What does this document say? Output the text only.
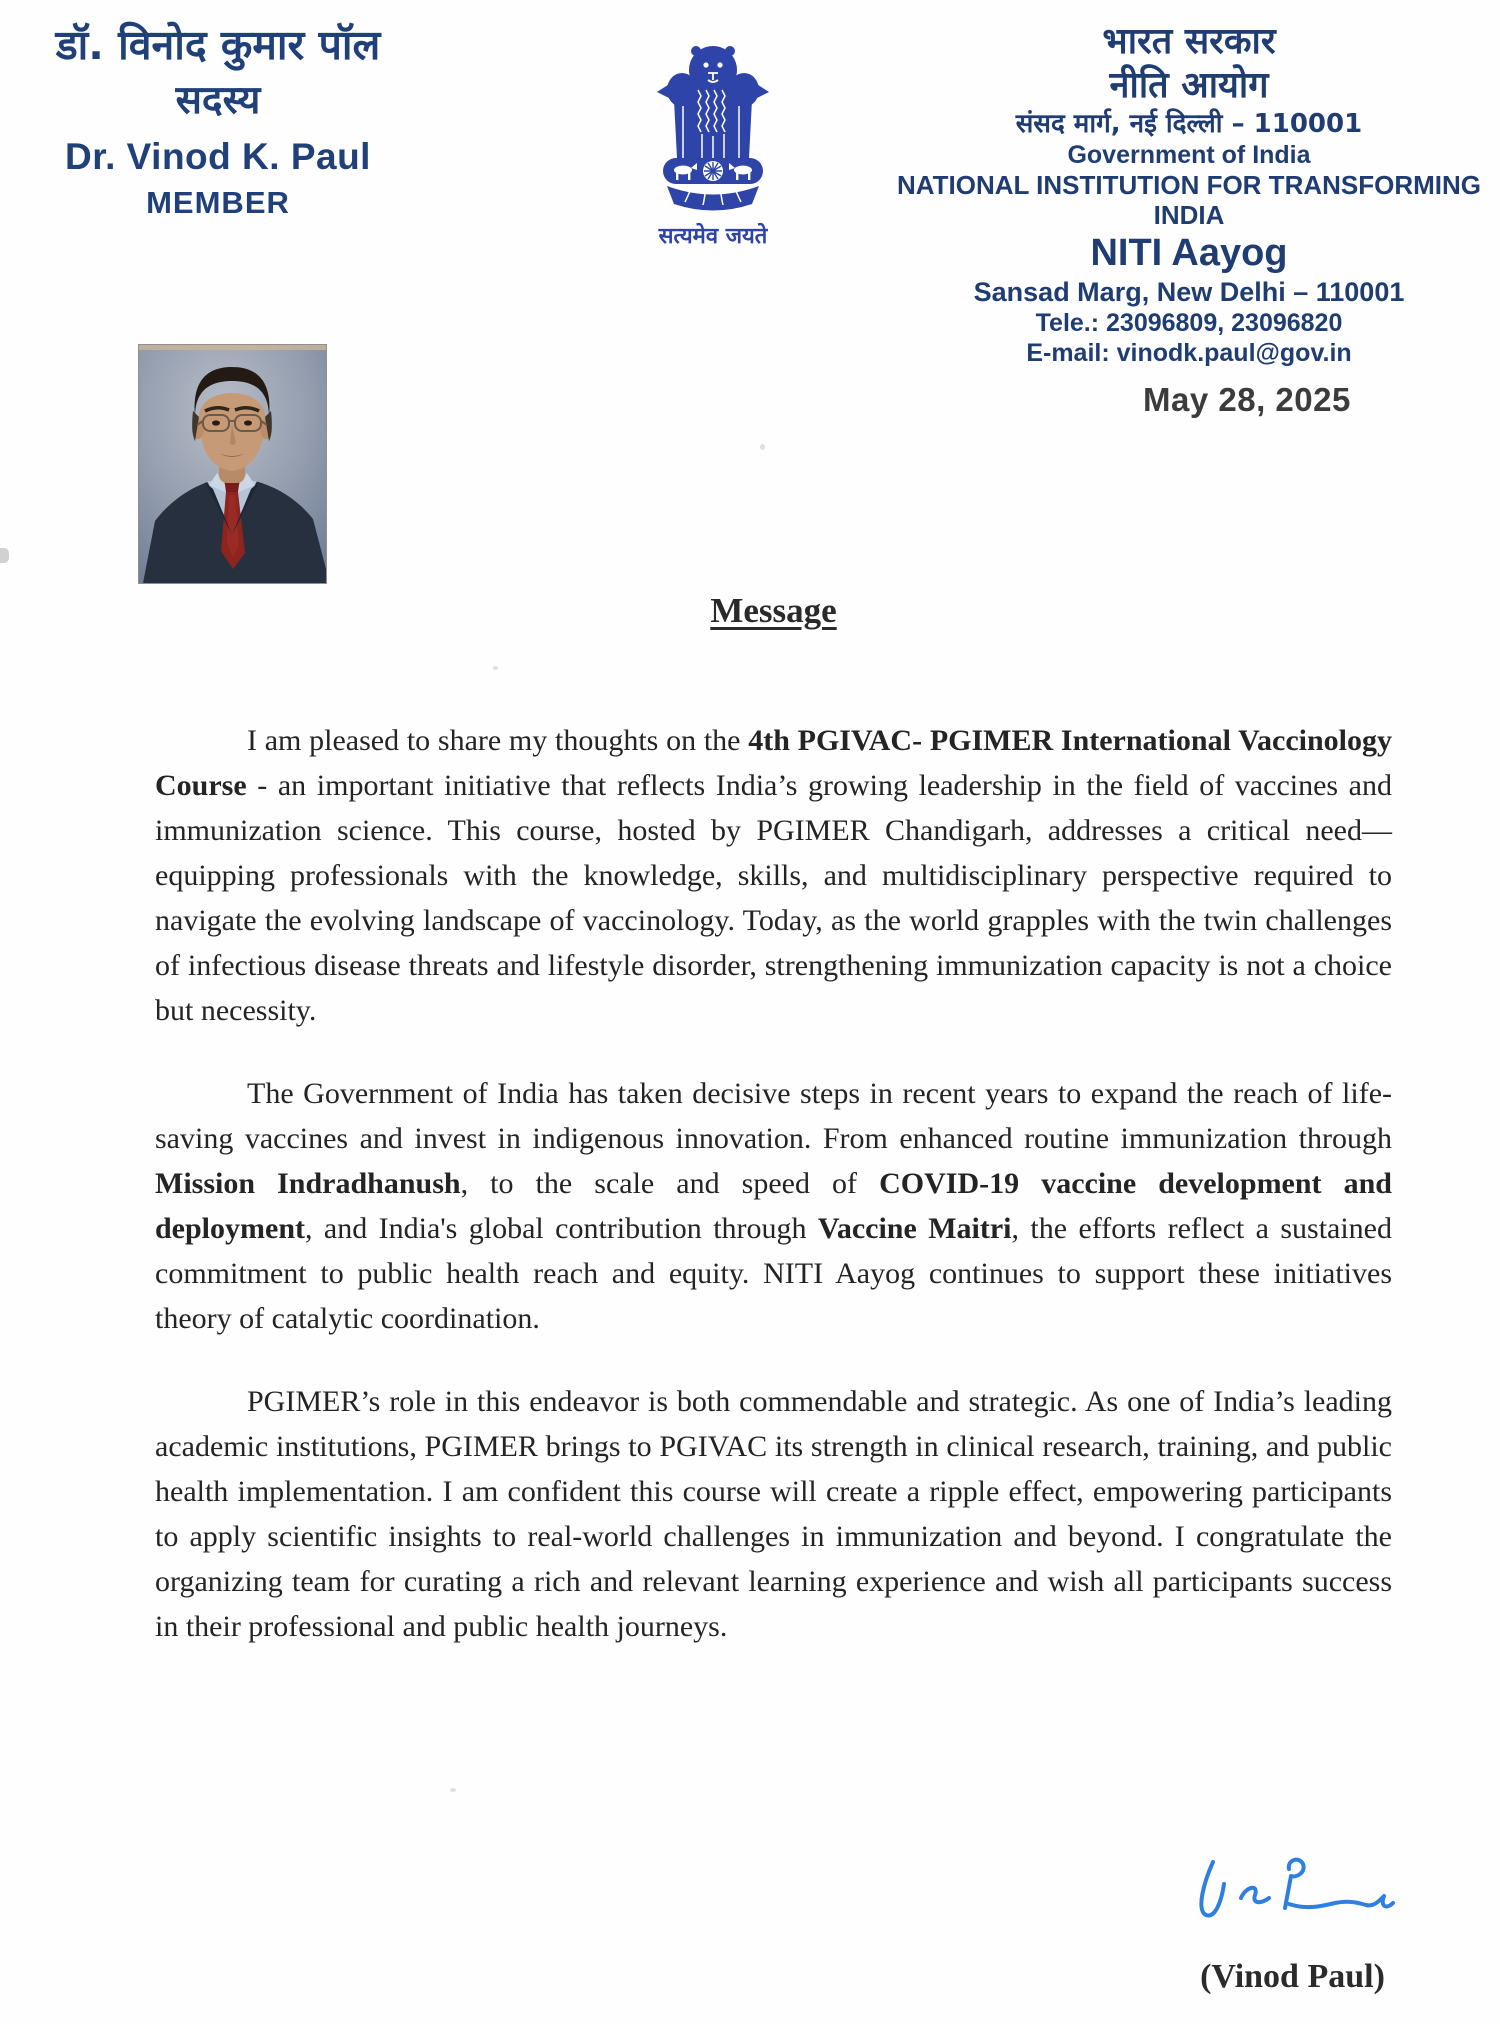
डॉ. विनोद कुमार पॉल
सदस्य
Dr. Vinod K. Paul
MEMBER
सत्यमेव जयते
भारत सरकार
नीति आयोग
संसद मार्ग, नई दिल्ली – 110001
Government of India
NATIONAL INSTITUTION FOR TRANSFORMING INDIA
NITI Aayog
Sansad Marg, New Delhi – 110001
Tele.: 23096809, 23096820
E-mail: vinodk.paul@gov.in
May 28, 2025
Message

I am pleased to share my thoughts on the 4th PGIVAC- PGIMER International Vaccinology Course - an important initiative that reflects India’s growing leadership in the field of vaccines and immunization science. This course, hosted by PGIMER Chandigarh, addresses a critical need—equipping professionals with the knowledge, skills, and multidisciplinary perspective required to navigate the evolving landscape of vaccinology. Today, as the world grapples with the twin challenges of infectious disease threats and lifestyle disorder, strengthening immunization capacity is not a choice but necessity.

The Government of India has taken decisive steps in recent years to expand the reach of life-saving vaccines and invest in indigenous innovation. From enhanced routine immunization through Mission Indradhanush, to the scale and speed of COVID-19 vaccine development and deployment, and India's global contribution through Vaccine Maitri, the efforts reflect a sustained commitment to public health reach and equity. NITI Aayog continues to support these initiatives theory of catalytic coordination.

PGIMER’s role in this endeavor is both commendable and strategic. As one of India’s leading academic institutions, PGIMER brings to PGIVAC its strength in clinical research, training, and public health implementation. I am confident this course will create a ripple effect, empowering participants to apply scientific insights to real-world challenges in immunization and beyond. I congratulate the organizing team for curating a rich and relevant learning experience and wish all participants success in their professional and public health journeys.

(Vinod Paul)
